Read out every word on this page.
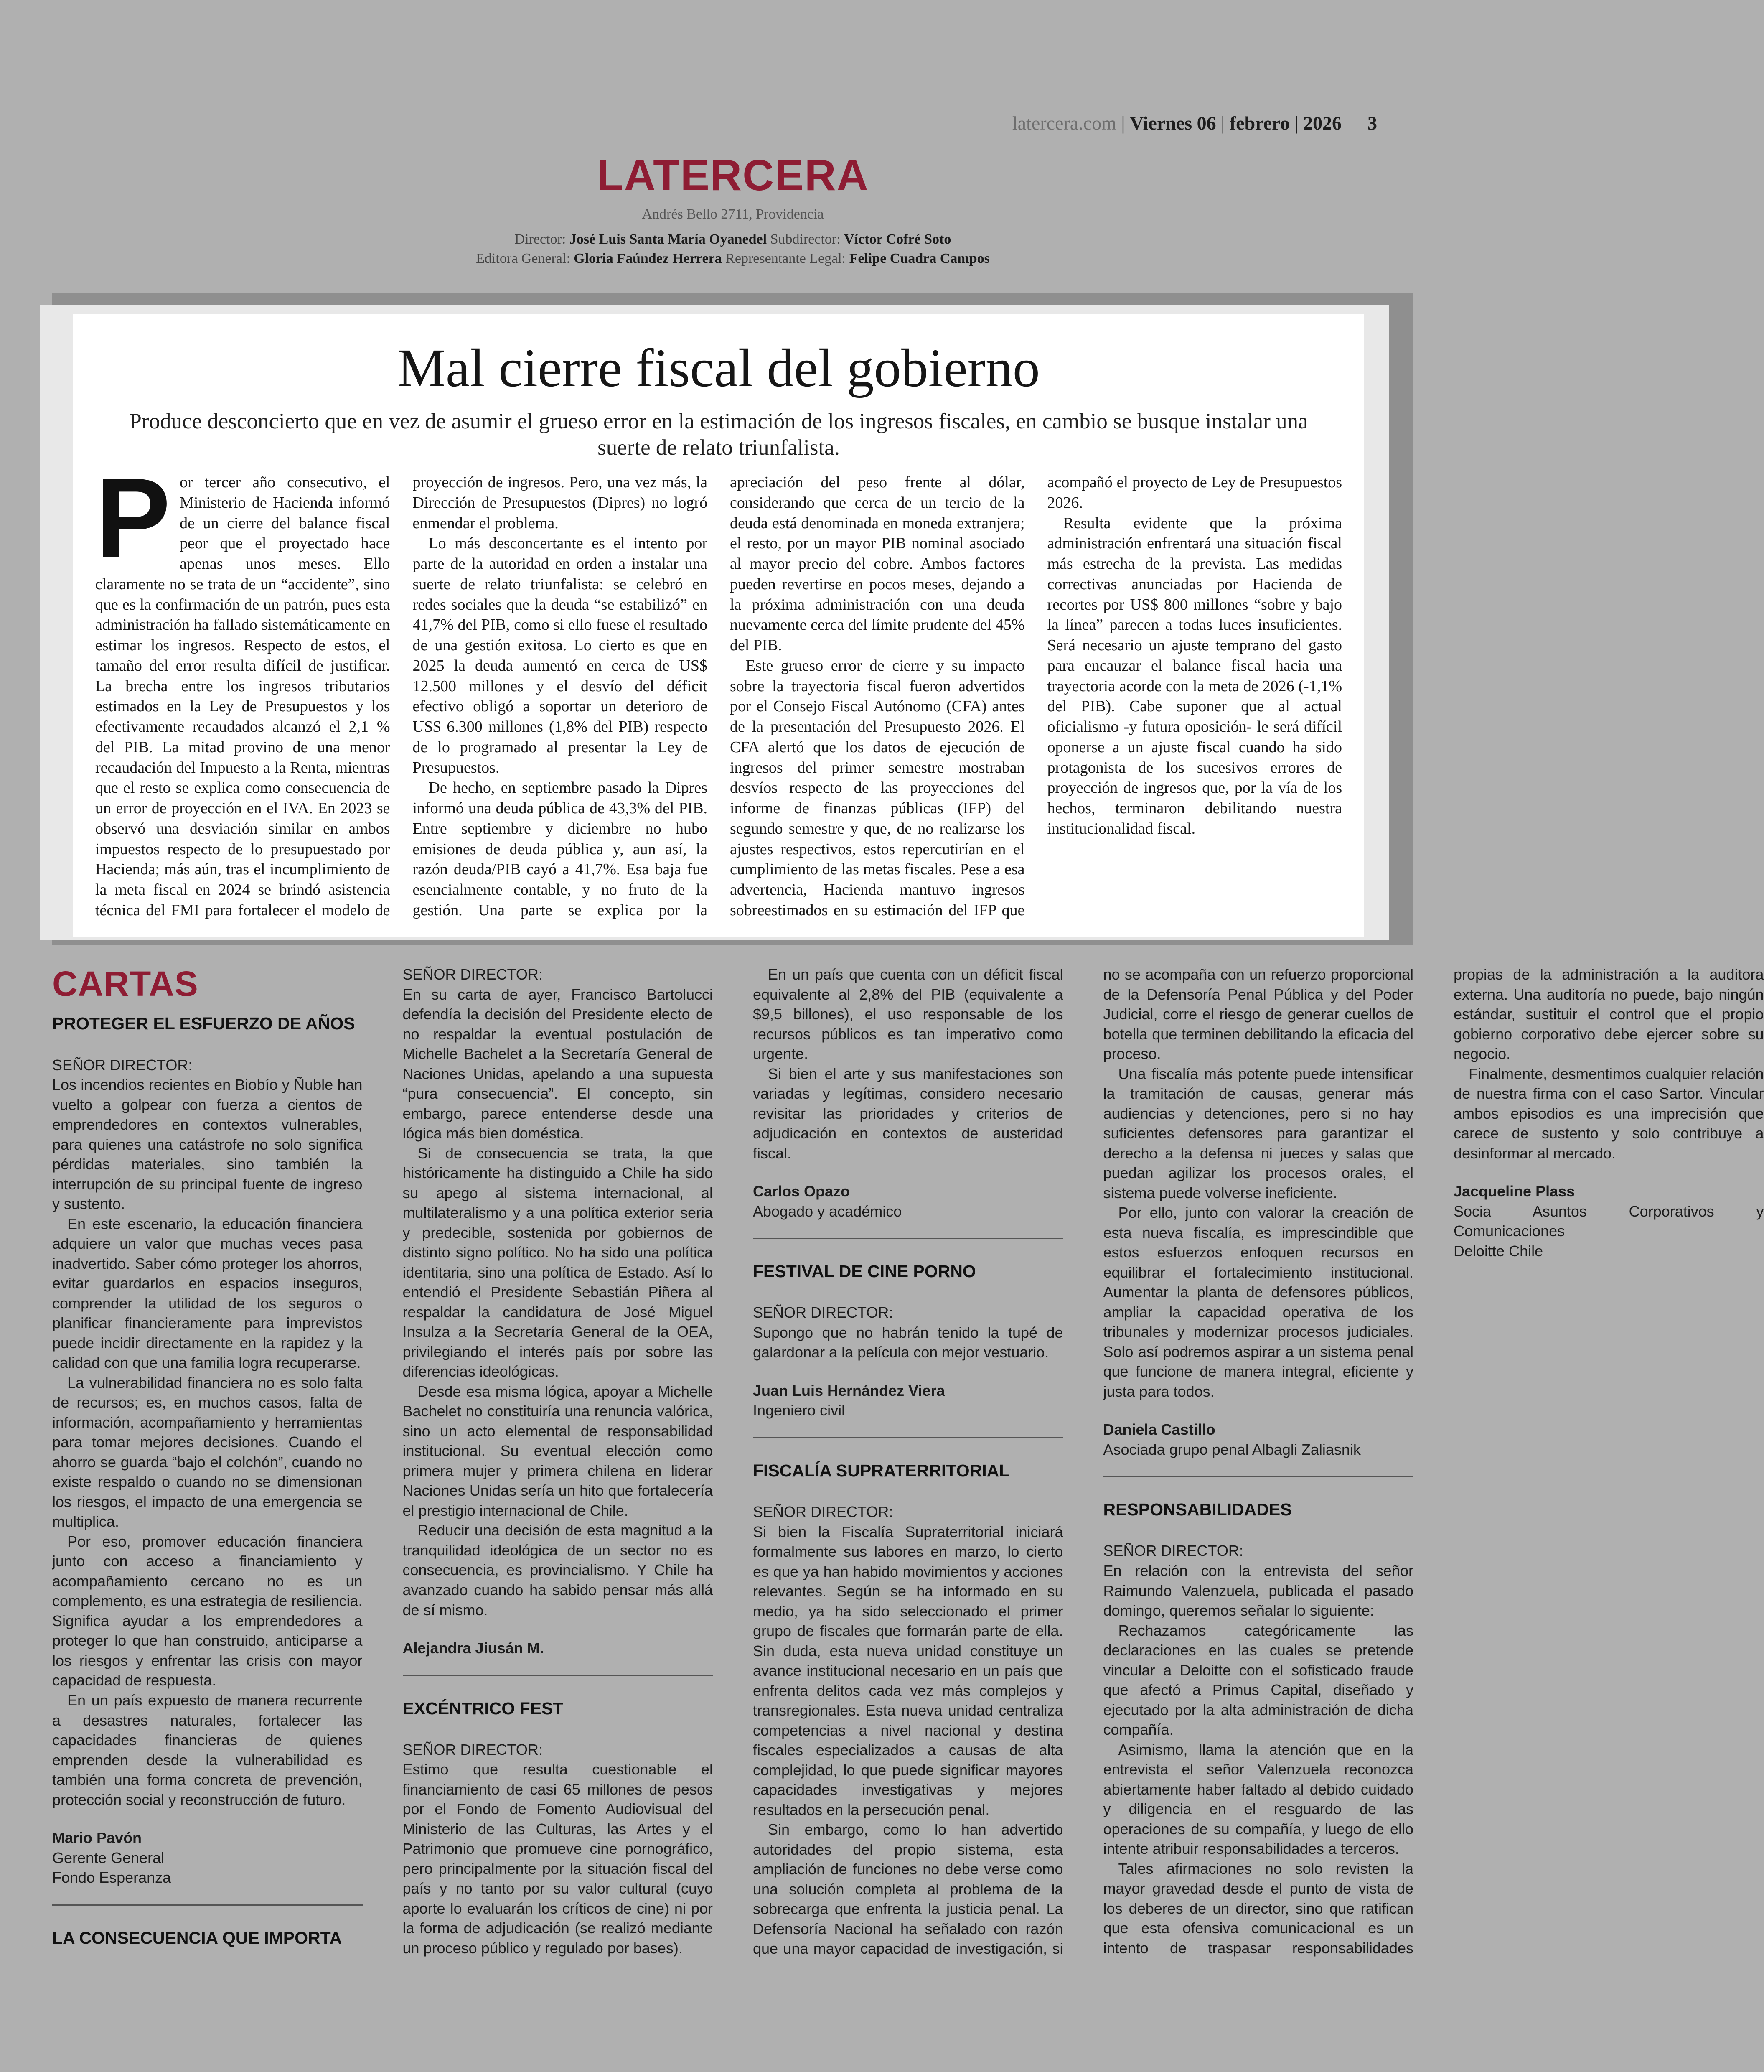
latercera.com | Viernes 06 | febrero | 2026 3
LATERCERA
Andrés Bello 2711, Providencia
Director: José Luis Santa María Oyanedel Subdirector: Víctor Cofré Soto
Editora General: Gloria Faúndez Herrera Representante Legal: Felipe Cuadra Campos
Mal cierre fiscal del gobierno
Produce desconcierto que en vez de asumir el grueso error en la estimación de los ingresos fiscales, en cambio se busque instalar una suerte de relato triunfalista.

Por tercer año consecutivo, el Ministerio de Hacienda informó de un cierre del balance fiscal peor que el proyectado hace apenas unos meses. Ello claramente no se trata de un “accidente”, sino que es la confirmación de un patrón, pues esta administración ha fallado sistemáticamente en estimar los ingresos. Respecto de estos, el tamaño del error resulta difícil de justificar. La brecha entre los ingresos tributarios estimados en la Ley de Presupuestos y los efectivamente recaudados alcanzó el 2,1 % del PIB. La mitad provino de una menor recaudación del Impuesto a la Renta, mientras que el resto se explica como consecuencia de un error de proyección en el IVA. En 2023 se observó una desviación similar en ambos impuestos respecto de lo presupuestado por Hacienda; más aún, tras el incumplimiento de la meta fiscal en 2024 se brindó asistencia técnica del FMI para fortalecer el modelo de proyección de ingresos. Pero, una vez más, la Dirección de Presupuestos (Dipres) no logró enmendar el problema.

Lo más desconcertante es el intento por parte de la autoridad en orden a instalar una suerte de relato triunfalista: se celebró en redes sociales que la deuda “se estabilizó” en 41,7% del PIB, como si ello fuese el resultado de una gestión exitosa. Lo cierto es que en 2025 la deuda aumentó en cerca de US$ 12.500 millones y el desvío del déficit efectivo obligó a soportar un deterioro de US$ 6.300 millones (1,8% del PIB) respecto de lo programado al presentar la Ley de Presupuestos.

De hecho, en septiembre pasado la Dipres informó una deuda pública de 43,3% del PIB. Entre septiembre y diciembre no hubo emisiones de deuda pública y, aun así, la razón deuda/PIB cayó a 41,7%. Esa baja fue esencialmente contable, y no fruto de la gestión. Una parte se explica por la apreciación del peso frente al dólar, considerando que cerca de un tercio de la deuda está denominada en moneda extranjera; el resto, por un mayor PIB nominal asociado al mayor precio del cobre. Ambos factores pueden revertirse en pocos meses, dejando a la próxima administración con una deuda nuevamente cerca del límite prudente del 45% del PIB.

Este grueso error de cierre y su impacto sobre la trayectoria fiscal fueron advertidos por el Consejo Fiscal Autónomo (CFA) antes de la presentación del Presupuesto 2026. El CFA alertó que los datos de ejecución de ingresos del primer semestre mostraban desvíos respecto de las proyecciones del informe de finanzas públicas (IFP) del segundo semestre y que, de no realizarse los ajustes respectivos, estos repercutirían en el cumplimiento de las metas fiscales. Pese a esa advertencia, Hacienda mantuvo ingresos sobreestimados en su estimación del IFP que acompañó el proyecto de Ley de Presupuestos 2026.

Resulta evidente que la próxima administración enfrentará una situación fiscal más estrecha de la prevista. Las medidas correctivas anunciadas por Hacienda de recortes por US$ 800 millones “sobre y bajo la línea” parecen a todas luces insuficientes. Será necesario un ajuste temprano del gasto para encauzar el balance fiscal hacia una trayectoria acorde con la meta de 2026 (-1,1% del PIB). Cabe suponer que al actual oficialismo -y futura oposición- le será difícil oponerse a un ajuste fiscal cuando ha sido protagonista de los sucesivos errores de proyección de ingresos que, por la vía de los hechos, terminaron debilitando nuestra institucionalidad fiscal.

CARTAS
PROTEGER EL ESFUERZO DE AÑOS
SEÑOR DIRECTOR:

Los incendios recientes en Biobío y Ñuble han vuelto a golpear con fuerza a cientos de emprendedores en contextos vulnerables, para quienes una catástrofe no solo significa pérdidas materiales, sino también la interrupción de su principal fuente de ingreso y sustento.

En este escenario, la educación financiera adquiere un valor que muchas veces pasa inadvertido. Saber cómo proteger los ahorros, evitar guardarlos en espacios inseguros, comprender la utilidad de los seguros o planificar financieramente para imprevistos puede incidir directamente en la rapidez y la calidad con que una familia logra recuperarse.

La vulnerabilidad financiera no es solo falta de recursos; es, en muchos casos, falta de información, acompañamiento y herramientas para tomar mejores decisiones. Cuando el ahorro se guarda “bajo el colchón”, cuando no existe respaldo o cuando no se dimensionan los riesgos, el impacto de una emergencia se multiplica.

Por eso, promover educación financiera junto con acceso a financiamiento y acompañamiento cercano no es un complemento, es una estrategia de resiliencia. Significa ayudar a los emprendedores a proteger lo que han construido, anticiparse a los riesgos y enfrentar las crisis con mayor capacidad de respuesta.

En un país expuesto de manera recurrente a desastres naturales, fortalecer las capacidades financieras de quienes emprenden desde la vulnerabilidad es también una forma concreta de prevención, protección social y reconstrucción de futuro.

Mario Pavón
Gerente General
Fondo Esperanza
LA CONSECUENCIA QUE IMPORTA
SEÑOR DIRECTOR:

En su carta de ayer, Francisco Bartolucci defendía la decisión del Presidente electo de no respaldar la eventual postulación de Michelle Bachelet a la Secretaría General de Naciones Unidas, apelando a una supuesta “pura consecuencia”. El concepto, sin embargo, parece entenderse desde una lógica más bien doméstica.

Si de consecuencia se trata, la que históricamente ha distinguido a Chile ha sido su apego al sistema internacional, al multilateralismo y a una política exterior seria y predecible, sostenida por gobiernos de distinto signo político. No ha sido una política identitaria, sino una política de Estado. Así lo entendió el Presidente Sebastián Piñera al respaldar la candidatura de José Miguel Insulza a la Secretaría General de la OEA, privilegiando el interés país por sobre las diferencias ideológicas.

Desde esa misma lógica, apoyar a Michelle Bachelet no constituiría una renuncia valórica, sino un acto elemental de responsabilidad institucional. Su eventual elección como primera mujer y primera chilena en liderar Naciones Unidas sería un hito que fortalecería el prestigio internacional de Chile.

Reducir una decisión de esta magnitud a la tranquilidad ideológica de un sector no es consecuencia, es provincialismo. Y Chile ha avanzado cuando ha sabido pensar más allá de sí mismo.

Alejandra Jiusán M.
EXCÉNTRICO FEST
SEÑOR DIRECTOR:

Estimo que resulta cuestionable el financiamiento de casi 65 millones de pesos por el Fondo de Fomento Audiovisual del Ministerio de las Culturas, las Artes y el Patrimonio que promueve cine pornográfico, pero principalmente por la situación fiscal del país y no tanto por su valor cultural (cuyo aporte lo evaluarán los críticos de cine) ni por la forma de adjudicación (se realizó mediante un proceso público y regulado por bases).

En un país que cuenta con un déficit fiscal equivalente al 2,8% del PIB (equivalente a $9,5 billones), el uso responsable de los recursos públicos es tan imperativo como urgente.

Si bien el arte y sus manifestaciones son variadas y legítimas, considero necesario revisitar las prioridades y criterios de adjudicación en contextos de austeridad fiscal.

Carlos Opazo
Abogado y académico
FESTIVAL DE CINE PORNO
SEÑOR DIRECTOR:

Supongo que no habrán tenido la tupé de galardonar a la película con mejor vestuario.

Juan Luis Hernández Viera
Ingeniero civil
FISCALÍA SUPRATERRITORIAL
SEÑOR DIRECTOR:

Si bien la Fiscalía Supraterritorial iniciará formalmente sus labores en marzo, lo cierto es que ya han habido movimientos y acciones relevantes. Según se ha informado en su medio, ya ha sido seleccionado el primer grupo de fiscales que formarán parte de ella. Sin duda, esta nueva unidad constituye un avance institucional necesario en un país que enfrenta delitos cada vez más complejos y transregionales. Esta nueva unidad centraliza competencias a nivel nacional y destina fiscales especializados a causas de alta complejidad, lo que puede significar mayores capacidades investigativas y mejores resultados en la persecución penal.

Sin embargo, como lo han advertido autoridades del propio sistema, esta ampliación de funciones no debe verse como una solución completa al problema de la sobrecarga que enfrenta la justicia penal. La Defensoría Nacional ha señalado con razón que una mayor capacidad de investigación, si no se acompaña con un refuerzo proporcional de la Defensoría Penal Pública y del Poder Judicial, corre el riesgo de generar cuellos de botella que terminen debilitando la eficacia del proceso.

Una fiscalía más potente puede intensificar la tramitación de causas, generar más audiencias y detenciones, pero si no hay suficientes defensores para garantizar el derecho a la defensa ni jueces y salas que puedan agilizar los procesos orales, el sistema puede volverse ineficiente.

Por ello, junto con valorar la creación de esta nueva fiscalía, es imprescindible que estos esfuerzos enfoquen recursos en equilibrar el fortalecimiento institucional. Aumentar la planta de defensores públicos, ampliar la capacidad operativa de los tribunales y modernizar procesos judiciales. Solo así podremos aspirar a un sistema penal que funcione de manera integral, eficiente y justa para todos.

Daniela Castillo
Asociada grupo penal Albagli Zaliasnik
RESPONSABILIDADES
SEÑOR DIRECTOR:

En relación con la entrevista del señor Raimundo Valenzuela, publicada el pasado domingo, queremos señalar lo siguiente:

Rechazamos categóricamente las declaraciones en las cuales se pretende vincular a Deloitte con el sofisticado fraude que afectó a Primus Capital, diseñado y ejecutado por la alta administración de dicha compañía.

Asimismo, llama la atención que en la entrevista el señor Valenzuela reconozca abiertamente haber faltado al debido cuidado y diligencia en el resguardo de las operaciones de su compañía, y luego de ello intente atribuir responsabilidades a terceros.

Tales afirmaciones no solo revisten la mayor gravedad desde el punto de vista de los deberes de un director, sino que ratifican que esta ofensiva comunicacional es un intento de traspasar responsabilidades propias de la administración a la auditora externa. Una auditoría no puede, bajo ningún estándar, sustituir el control que el propio gobierno corporativo debe ejercer sobre su negocio.

Finalmente, desmentimos cualquier relación de nuestra firma con el caso Sartor. Vincular ambos episodios es una imprecisión que carece de sustento y solo contribuye a desinformar al mercado.

Jacqueline Plass
Socia Asuntos Corporativos y Comunicaciones
Deloitte Chile
